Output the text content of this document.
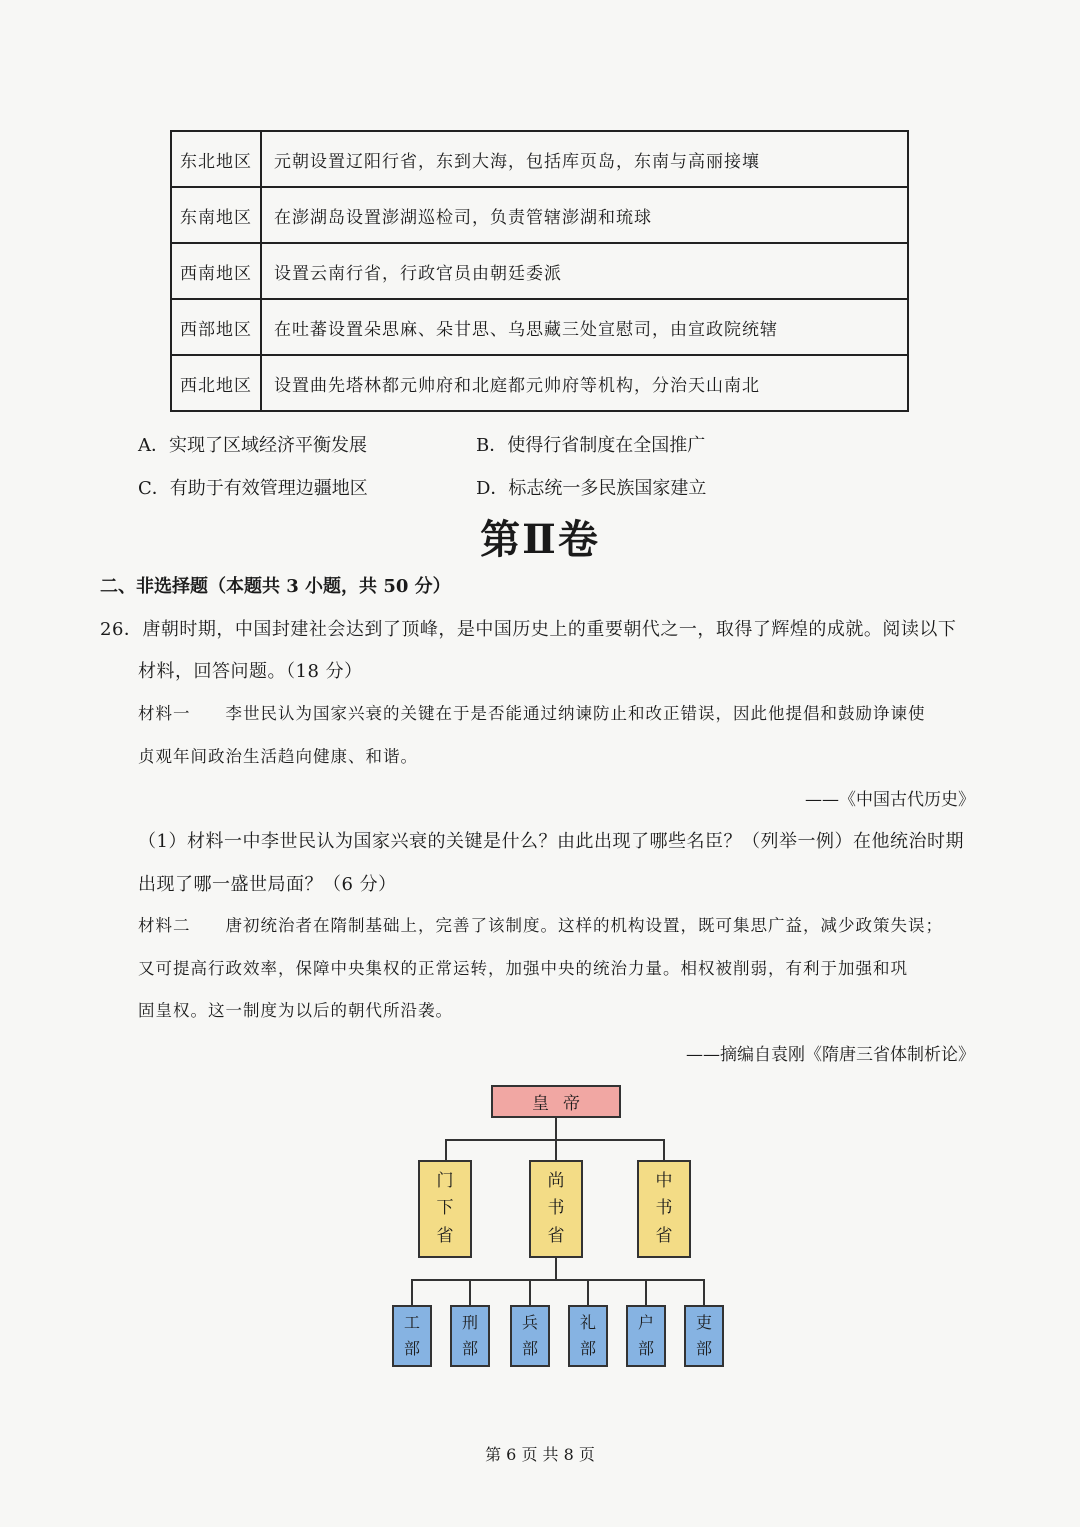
东北地区	元朝设置辽阳行省，东到大海，包括库页岛，东南与高丽接壤
东南地区	在澎湖岛设置澎湖巡检司，负责管辖澎湖和琉球
西南地区	设置云南行省，行政官员由朝廷委派
西部地区	在吐蕃设置朵思麻、朵甘思、乌思藏三处宣慰司，由宣政院统辖
西北地区	设置曲先塔林都元帅府和北庭都元帅府等机构，分治天山南北
A．实现了区域经济平衡发展	B．使得行省制度在全国推广
C．有助于有效管理边疆地区	D．标志统一多民族国家建立
第Ⅱ卷
二、非选择题（本题共 3 小题，共 50 分）
26．唐朝时期，中国封建社会达到了顶峰，是中国历史上的重要朝代之一，取得了辉煌的成就。阅读以下
材料，回答问题。（18 分）
材料一　　李世民认为国家兴衰的关键在于是否能通过纳谏防止和改正错误，因此他提倡和鼓励诤谏使
贞观年间政治生活趋向健康、和谐。
——《中国古代历史》
（1）材料一中李世民认为国家兴衰的关键是什么？由此出现了哪些名臣？（列举一例）在他统治时期
出现了哪一盛世局面？（6 分）
材料二　　唐初统治者在隋制基础上，完善了该制度。这样的机构设置，既可集思广益，减少政策失误；
又可提高行政效率，保障中央集权的正常运转，加强中央的统治力量。相权被削弱，有利于加强和巩
固皇权。这一制度为以后的朝代所沿袭。
——摘编自袁刚《隋唐三省体制析论》
皇帝
门
下
省
尚
书
省
中
书
省
工
部
刑
部
兵
部
礼
部
户
部
吏
部
第 6 页 共 8 页
